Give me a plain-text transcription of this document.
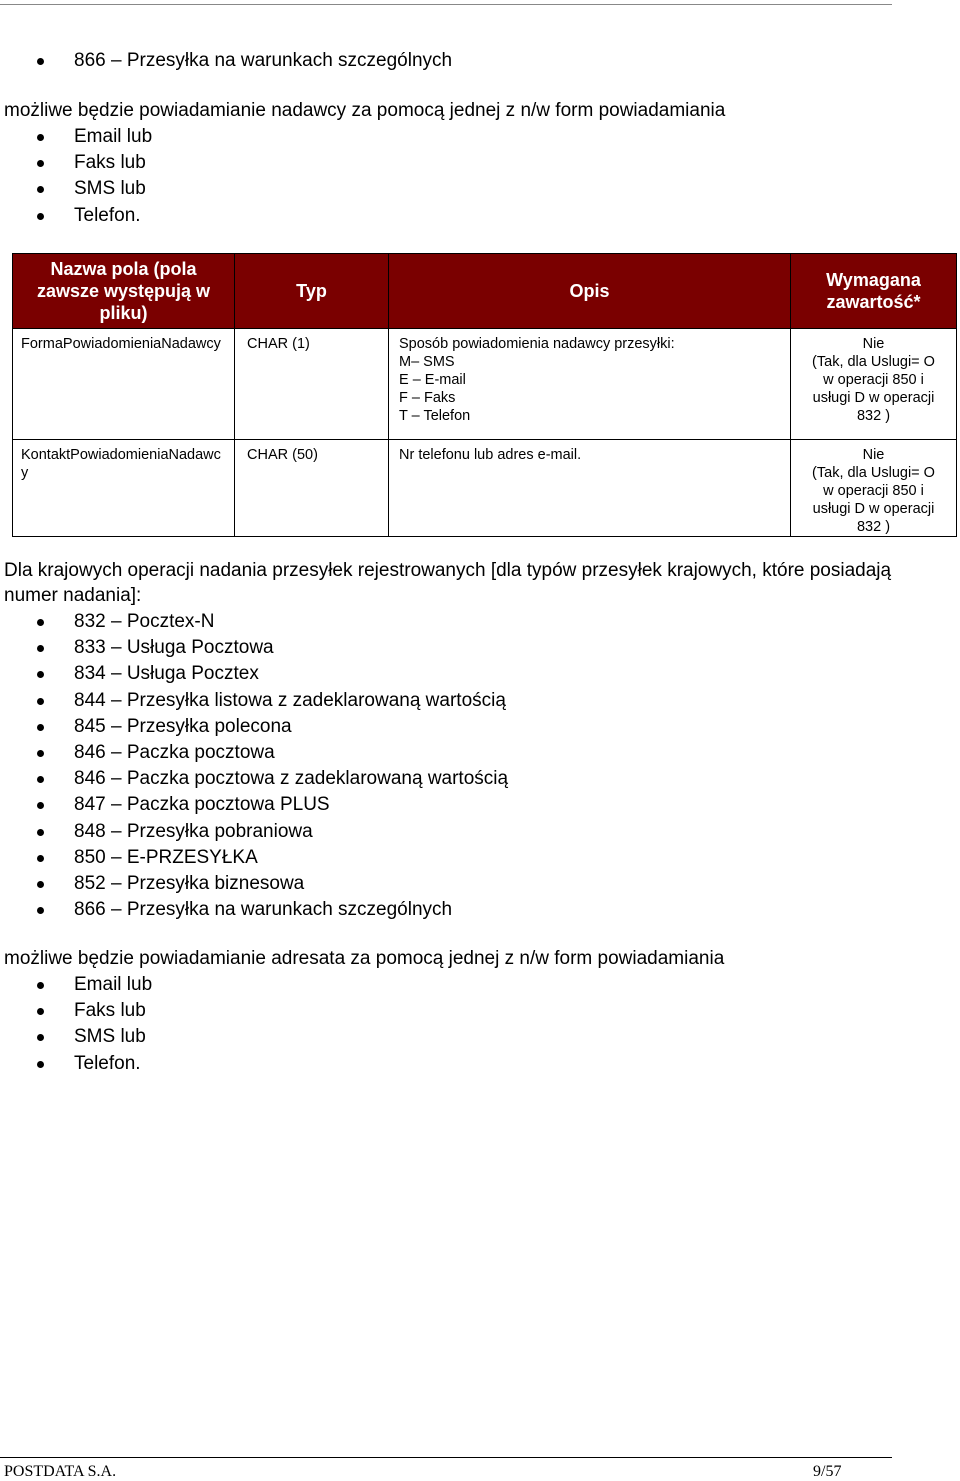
866 – Przesyłka na warunkach szczególnych
możliwe będzie powiadamianie nadawcy za pomocą jednej z n/w form powiadamiania
Email lub
Faks lub
SMS lub
Telefon.
Nazwa pola (pola zawsze występują w pliku)	Typ	Opis	Wymagana zawartość*
FormaPowiadomieniaNadawcy	CHAR (1)	Sposób powiadomienia nadawcy przesyłki:
M– SMS
E – E-mail
F – Faks
T – Telefon	Nie
(Tak, dla Uslugi= O
w operacji 850 i
usługi D w operacji
832 )

KontaktPowiadomieniaNadawcy	CHAR (50)	Nr telefonu lub adres e-mail.	Nie
(Tak, dla Uslugi= O
w operacji 850 i
usługi D w operacji
832 )
Dla krajowych operacji nadania przesyłek rejestrowanych [dla typów przesyłek krajowych, które posiadają numer nadania]:
832 – Pocztex-N
833 – Usługa Pocztowa
834 – Usługa Pocztex
844 – Przesyłka listowa z zadeklarowaną wartością
845 – Przesyłka polecona
846 – Paczka pocztowa
846 – Paczka pocztowa z zadeklarowaną wartością
847 – Paczka pocztowa PLUS
848 – Przesyłka pobraniowa
850 – E-PRZESYŁKA
852 – Przesyłka biznesowa
866 – Przesyłka na warunkach szczególnych
możliwe będzie powiadamianie adresata za pomocą jednej z n/w form powiadamiania
Email lub
Faks lub
SMS lub
Telefon.
POSTDATA S.A.	9/57
